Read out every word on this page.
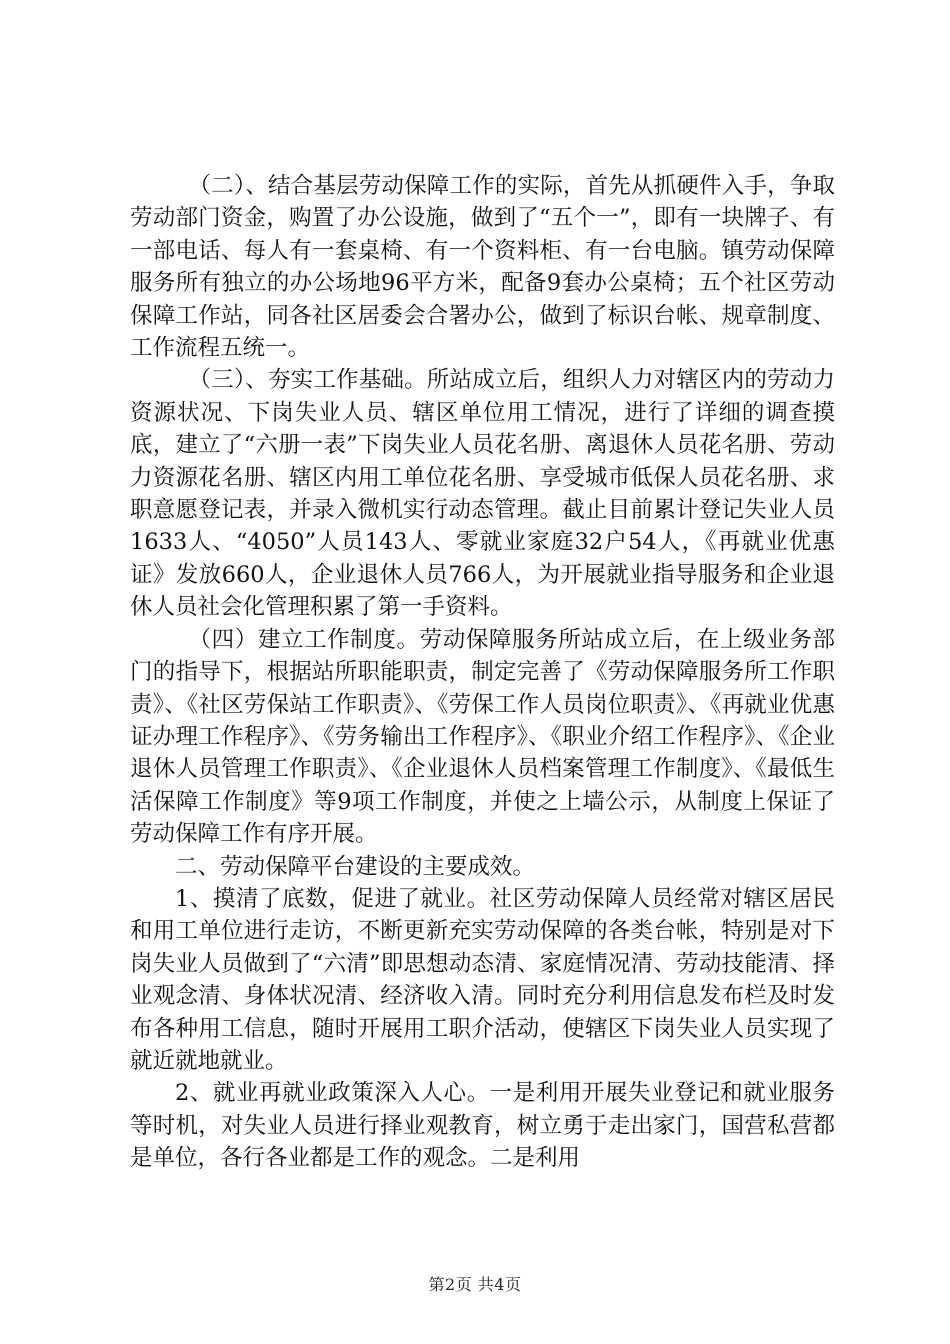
（二）、结合基层劳动保障工作的实际，首先从抓硬件入手，争取劳动部门资金，购置了办公设施，做到了“五个一”，即有一块牌子、有一部电话、每人有一套桌椅、有一个资料柜、有一台电脑。镇劳动保障服务所有独立的办公场地96平方米，配备9套办公桌椅；五个社区劳动保障工作站，同各社区居委会合署办公，做到了标识台帐、规章制度、工作流程五统一。

（三）、夯实工作基础。所站成立后，组织人力对辖区内的劳动力资源状况、下岗失业人员、辖区单位用工情况，进行了详细的调查摸底，建立了“六册一表”下岗失业人员花名册、离退休人员花名册、劳动力资源花名册、辖区内用工单位花名册、享受城市低保人员花名册、求职意愿登记表，并录入微机实行动态管理。截止目前累计登记失业人员1633人、“4050”人员143人、零就业家庭32户54人，《再就业优惠证》发放660人，企业退休人员766人，为开展就业指导服务和企业退休人员社会化管理积累了第一手资料。

（四）建立工作制度。劳动保障服务所站成立后，在上级业务部门的指导下，根据站所职能职责，制定完善了《劳动保障服务所工作职责》、《社区劳保站工作职责》、《劳保工作人员岗位职责》、《再就业优惠证办理工作程序》、《劳务输出工作程序》、《职业介绍工作程序》、《企业退休人员管理工作职责》、《企业退休人员档案管理工作制度》、《最低生活保障工作制度》等9项工作制度，并使之上墙公示，从制度上保证了劳动保障工作有序开展。

二、劳动保障平台建设的主要成效。

1、摸清了底数，促进了就业。社区劳动保障人员经常对辖区居民和用工单位进行走访，不断更新充实劳动保障的各类台帐，特别是对下岗失业人员做到了“六清”即思想动态清、家庭情况清、劳动技能清、择业观念清、身体状况清、经济收入清。同时充分利用信息发布栏及时发布各种用工信息，随时开展用工职介活动，使辖区下岗失业人员实现了就近就地就业。

2、就业再就业政策深入人心。一是利用开展失业登记和就业服务等时机，对失业人员进行择业观教育，树立勇于走出家门，国营私营都是单位，各行各业都是工作的观念。二是利用

第2页 共4页
